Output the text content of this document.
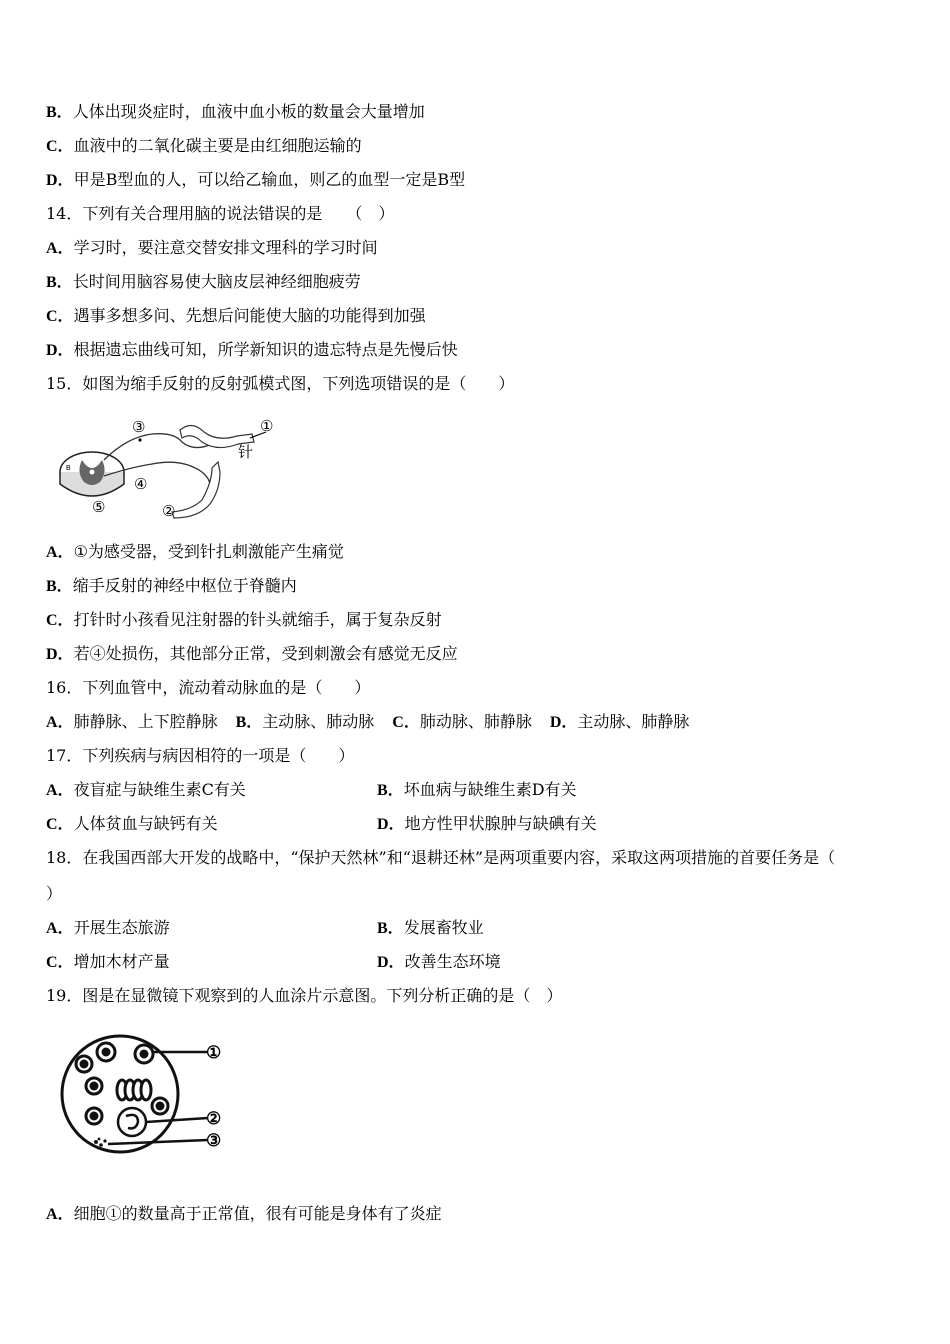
B．人体出现炎症时，血液中血小板的数量会大量增加
C．血液中的二氧化碳主要是由红细胞运输的
D．甲是B型血的人，可以给乙输血，则乙的血型一定是B型
14．下列有关合理用脑的说法错误的是　　（　）
A．学习时，要注意交替安排文理科的学习时间
B．长时间用脑容易使大脑皮层神经细胞疲劳
C．遇事多想多问、先想后问能使大脑的功能得到加强
D．根据遗忘曲线可知，所学新知识的遗忘特点是先慢后快
15．如图为缩手反射的反射弧模式图，下列选项错误的是（　　）
B
③	①
针
④
⑤	②
A．①为感受器，受到针扎刺激能产生痛觉
B．缩手反射的神经中枢位于脊髓内
C．打针时小孩看见注射器的针头就缩手，属于复杂反射
D．若④处损伤，其他部分正常，受到刺激会有感觉无反应
16．下列血管中，流动着动脉血的是（　　）
A．肺静脉、上下腔静脉 B．主动脉、肺动脉 C．肺动脉、肺静脉 D．主动脉、肺静脉
17．下列疾病与病因相符的一项是（　　）
A．夜盲症与缺维生素C有关	B．坏血病与缺维生素D有关
C．人体贫血与缺钙有关	D．地方性甲状腺肿与缺碘有关
18．在我国西部大开发的战略中，“保护天然林”和“退耕还林”是两项重要内容，采取这两项措施的首要任务是（
）
A．开展生态旅游	B．发展畜牧业
C．增加木材产量	D．改善生态环境
19．图是在显微镜下观察到的人血涂片示意图。下列分析正确的是（　）
①
②
③
A．细胞①的数量高于正常值，很有可能是身体有了炎症
